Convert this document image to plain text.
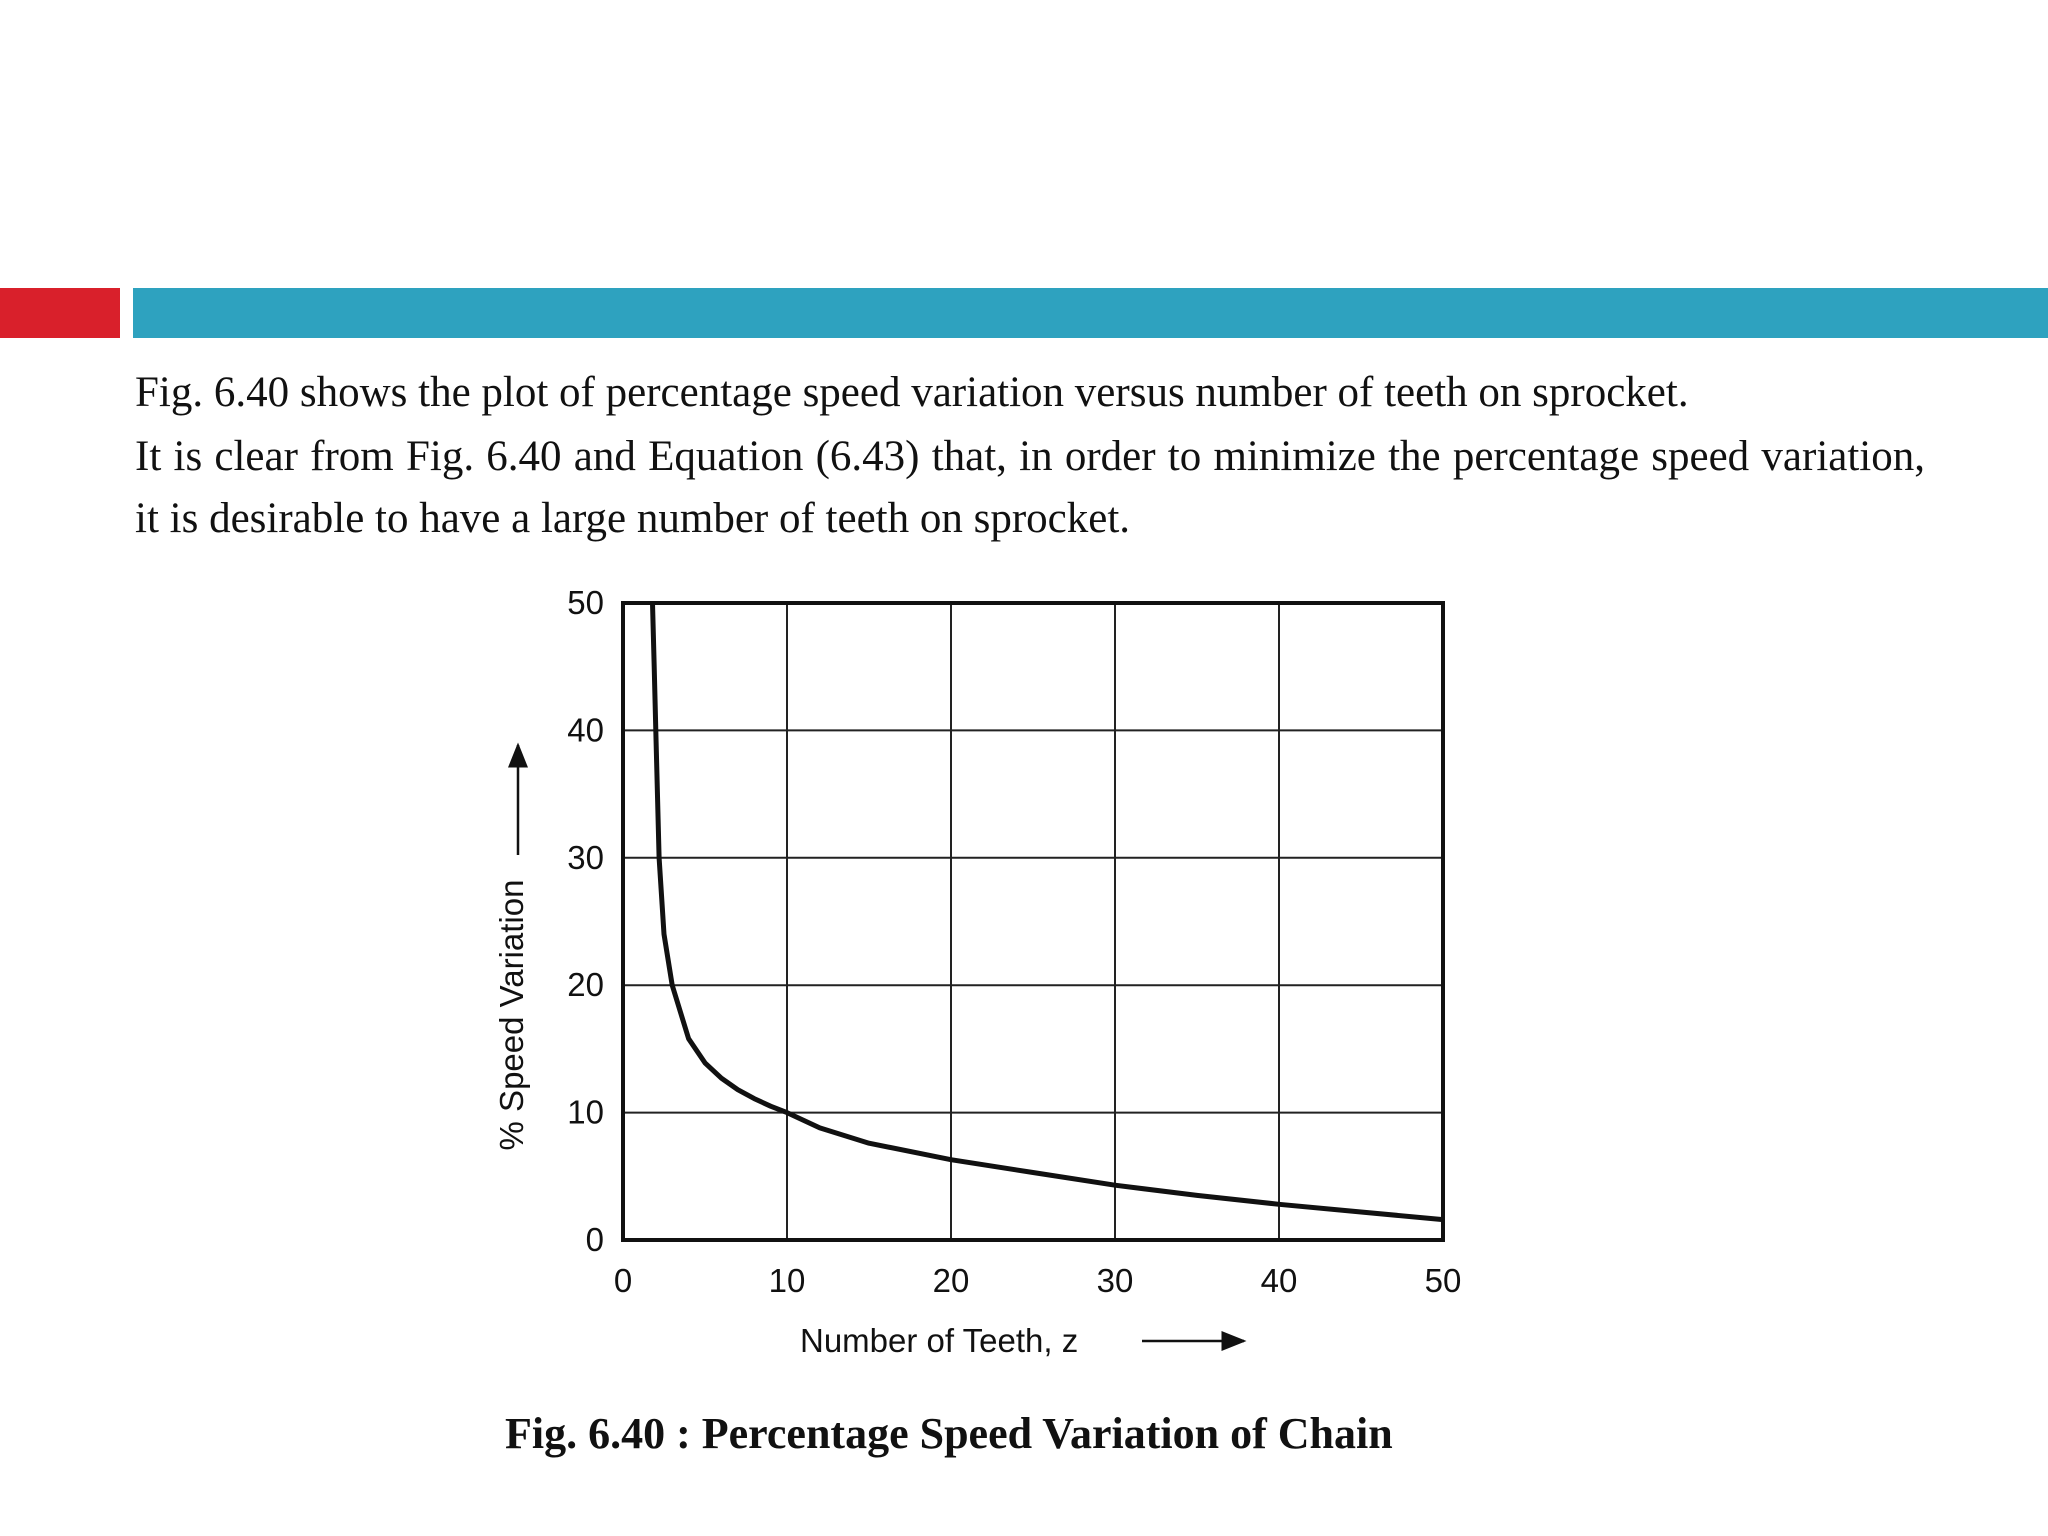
Fig. 6.40 shows the plot of percentage speed variation versus number of teeth on sprocket.

It is clear from Fig. 6.40 and Equation (6.43) that, in order to minimize the percentage speed variation, it is desirable to have a large number of teeth on sprocket.

0	10	20	30	40	50
0
10
20
30
40
50
Number of Teeth, z
% Speed Variation
Fig. 6.40 : Percentage Speed Variation of Chain
